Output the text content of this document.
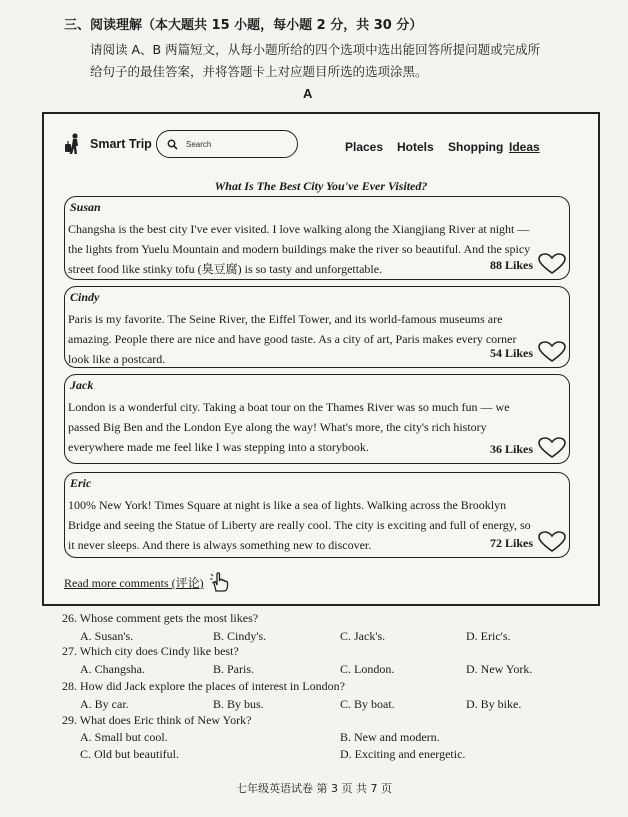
三、阅读理解（本大题共 15 小题，每小题 2 分，共 30 分）
请阅读 A、B 两篇短文，从每小题所给的四个选项中选出能回答所提问题或完成所
给句子的最佳答案，并将答题卡上对应题目所选的选项涂黑。
A
Smart Trip	Search	Places Hotels Shopping Ideas
What Is The Best City You've Ever Visited?
Susan
Changsha is the best city I've ever visited. I love walking along the Xiangjiang River at night —
the lights from Yuelu Mountain and modern buildings make the river so beautiful. And the spicy
street food like stinky tofu (臭豆腐) is so tasty and unforgettable.	88 Likes
Cindy
Paris is my favorite. The Seine River, the Eiffel Tower, and its world-famous museums are
amazing. People there are nice and have good taste. As a city of art, Paris makes every corner
look like a postcard.	54 Likes
Jack
London is a wonderful city. Taking a boat tour on the Thames River was so much fun — we
passed Big Ben and the London Eye along the way! What's more, the city's rich history
everywhere made me feel like I was stepping into a storybook.	36 Likes
Eric
100% New York! Times Square at night is like a sea of lights. Walking across the Brooklyn
Bridge and seeing the Statue of Liberty are really cool. The city is exciting and full of energy, so
it never sleeps. And there is always something new to discover.	72 Likes
Read more comments (评论)
26. Whose comment gets the most likes?
A. Susan's.	B. Cindy's.	C. Jack's.	D. Eric's.
27. Which city does Cindy like best?
A. Changsha.	B. Paris.	C. London.	D. New York.
28. How did Jack explore the places of interest in London?
A. By car.	B. By bus.	C. By boat.	D. By bike.
29. What does Eric think of New York?
A. Small but cool.	B. New and modern.
C. Old but beautiful.	D. Exciting and energetic.
七年级英语试卷 第 3 页 共 7 页
